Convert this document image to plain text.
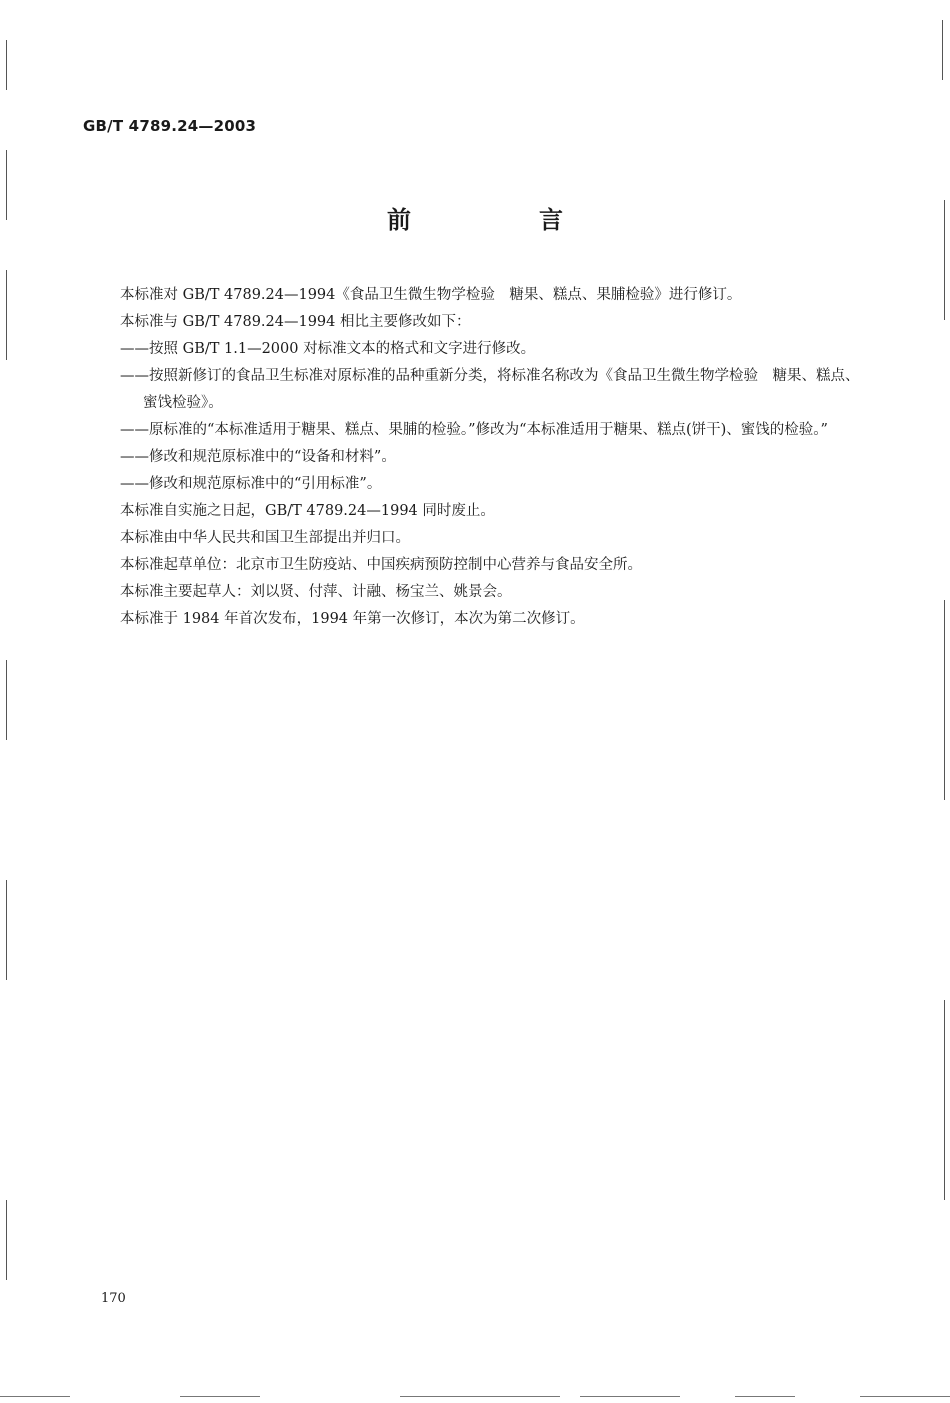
GB/T 4789.24—2003
前　言

本标准对 GB/T 4789.24—1994《食品卫生微生物学检验　糖果、糕点、果脯检验》进行修订。

本标准与 GB/T 4789.24—1994 相比主要修改如下：

——按照 GB/T 1.1—2000 对标准文本的格式和文字进行修改。

——按照新修订的食品卫生标准对原标准的品种重新分类，将标准名称改为《食品卫生微生物学检验　糖果、糕点、蜜饯检验》。

——原标准的“本标准适用于糖果、糕点、果脯的检验。”修改为“本标准适用于糖果、糕点(饼干)、蜜饯的检验。”

——修改和规范原标准中的“设备和材料”。

——修改和规范原标准中的“引用标准”。

本标准自实施之日起，GB/T 4789.24—1994 同时废止。

本标准由中华人民共和国卫生部提出并归口。

本标准起草单位：北京市卫生防疫站、中国疾病预防控制中心营养与食品安全所。

本标准主要起草人：刘以贤、付萍、计融、杨宝兰、姚景会。

本标准于 1984 年首次发布，1994 年第一次修订，本次为第二次修订。

170
